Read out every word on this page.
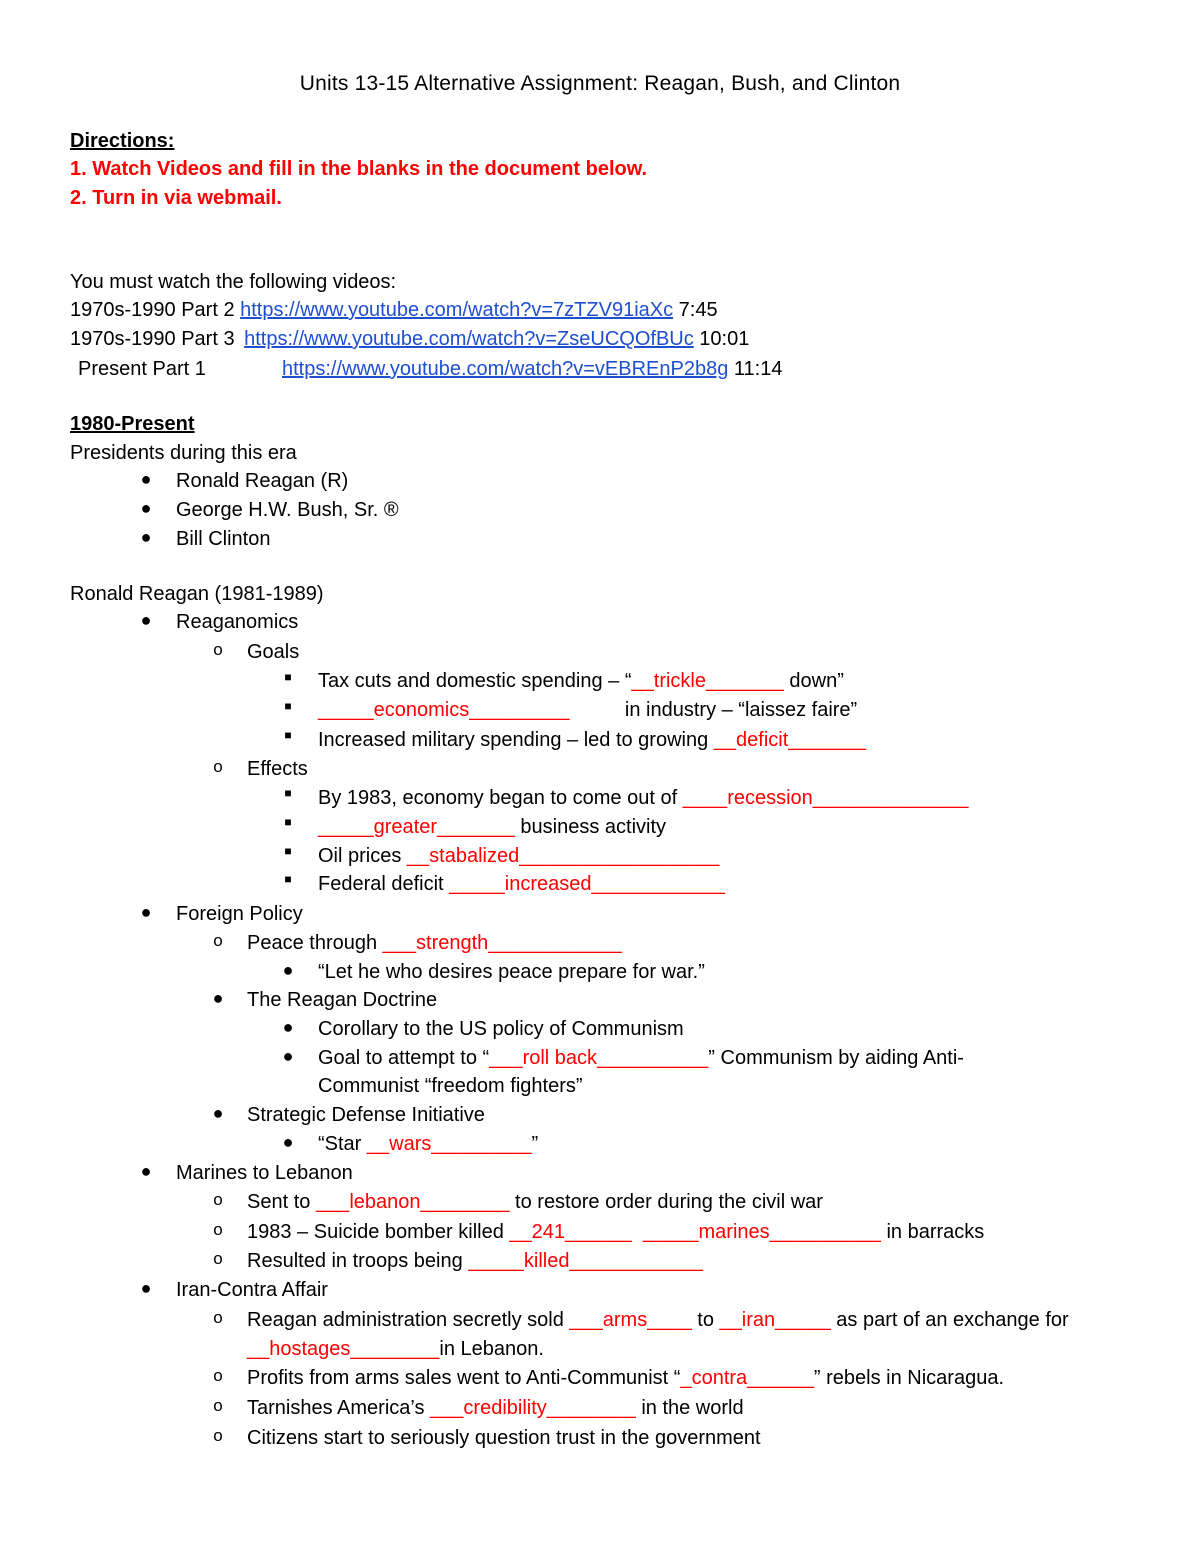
Units 13-15 Alternative Assignment: Reagan, Bush, and Clinton
Directions:
1. Watch Videos and fill in the blanks in the document below.
2. Turn in via webmail.
You must watch the following videos:
1970s-1990 Part 2 https://www.youtube.com/watch?v=7zTZV91iaXc 7:45
1970s-1990 Part 3 https://www.youtube.com/watch?v=ZseUCQOfBUc 10:01
Present Part 1	https://www.youtube.com/watch?v=vEBREnP2b8g 11:14
1980-Present
Presidents during this era
● Ronald Reagan (R)
● George H.W. Bush, Sr. ®
● Bill Clinton
Ronald Reagan (1981-1989)
● Reaganomics
o Goals
■	Tax cuts and domestic spending – “__trickle_______ down”
■	_____economics_________          in industry – “laissez faire”
■	Increased military spending – led to growing __deficit_______
o Effects
■	By 1983, economy began to come out of ____recession______________
■	_____greater_______ business activity
■	Oil prices __stabalized__________________
■	Federal deficit _____increased____________
● Foreign Policy
o Peace through ___strength____________
● “Let he who desires peace prepare for war.”
● The Reagan Doctrine
● Corollary to the US policy of Communism
● Goal to attempt to “___roll back__________” Communism by aiding Anti-
Communist “freedom fighters”
● Strategic Defense Initiative
● “Star __wars_________”
● Marines to Lebanon
o Sent to ___lebanon________ to restore order during the civil war
o 1983 – Suicide bomber killed __241______ _____marines__________ in barracks
o Resulted in troops being _____killed____________
● Iran-Contra Affair
o Reagan administration secretly sold ___arms____ to __iran_____ as part of an exchange for
__hostages________in Lebanon.
o Profits from arms sales went to Anti-Communist “_contra______” rebels in Nicaragua.
o Tarnishes America’s ___credibility________ in the world
o Citizens start to seriously question trust in the government
